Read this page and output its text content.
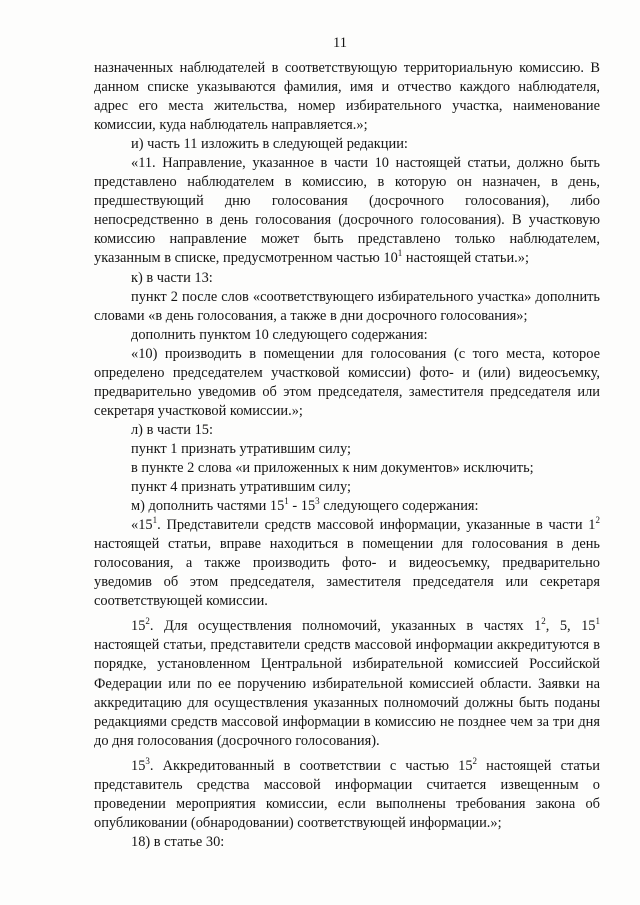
11

назначенных наблюдателей в соответствующую территориальную комиссию. В данном списке указываются фамилия, имя и отчество каждого наблюдателя, адрес его места жительства, номер избирательного участка, наименование комиссии, куда наблюдатель направляется.»;

и) часть 11 изложить в следующей редакции:

«11. Направление, указанное в части 10 настоящей статьи, должно быть представлено наблюдателем в комиссию, в которую он назначен, в день, предшествующий дню голосования (досрочного голосования), либо непосредственно в день голосования (досрочного голосования). В участковую комиссию направление может быть представлено только наблюдателем, указанным в списке, предусмотренном частью $10^1$ настоящей статьи.»;

к) в части 13:

пункт 2 после слов «соответствующего избирательного участка» дополнить словами «в день голосования, а также в дни досрочного голосования»;

дополнить пунктом 10 следующего содержания:

«10) производить в помещении для голосования (с того места, которое определено председателем участковой комиссии) фото- и (или) видеосъемку, предварительно уведомив об этом председателя, заместителя председателя или секретаря участковой комиссии.»;

л) в части 15:

пункт 1 признать утратившим силу;

в пункте 2 слова «и приложенных к ним документов» исключить;

пункт 4 признать утратившим силу;

м) дополнить частями $15^1 - 15^3$ следующего содержания:

«$15^1$. Представители средств массовой информации, указанные в части $1^2$ настоящей статьи, вправе находиться в помещении для голосования в день голосования, а также производить фото- и видеосъемку, предварительно уведомив об этом председателя, заместителя председателя или секретаря соответствующей комиссии.

$15^2$. Для осуществления полномочий, указанных в частях $1^2$, 5, $15^1$ настоящей статьи, представители средств массовой информации аккредитуются в порядке, установленном Центральной избирательной комиссией Российской Федерации или по ее поручению избирательной комиссией области. Заявки на аккредитацию для осуществления указанных полномочий должны быть поданы редакциями средств массовой информации в комиссию не позднее чем за три дня до дня голосования (досрочного голосования).

$15^3$. Аккредитованный в соответствии с частью $15^2$ настоящей статьи представитель средства массовой информации считается извещенным о проведении мероприятия комиссии, если выполнены требования закона об опубликовании (обнародовании) соответствующей информации.»;

18) в статье 30:
